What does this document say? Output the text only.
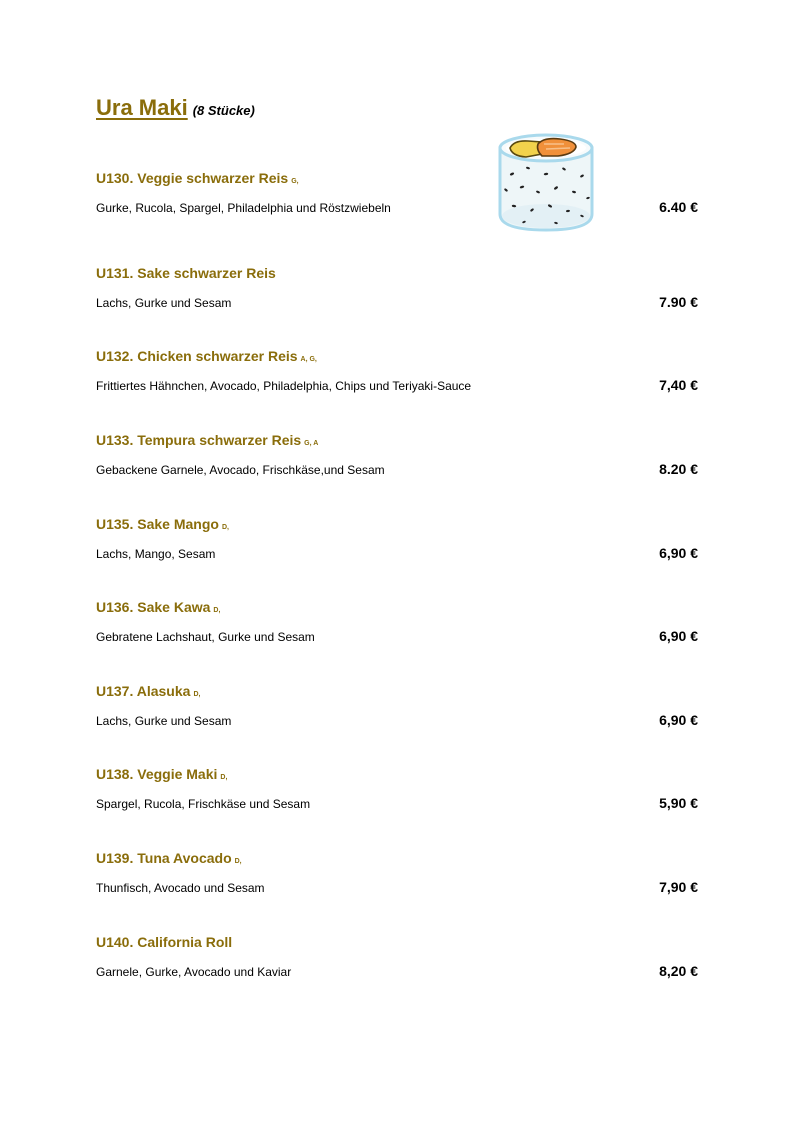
Ura Maki (8 Stücke)
U130. Veggie schwarzer Reis G,
Gurke, Rucola, Spargel, Philadelphia und Röstzwiebeln	6.40 €
U131. Sake schwarzer Reis
Lachs, Gurke und Sesam	7.90 €
U132. Chicken schwarzer Reis A, G,
Frittiertes Hähnchen, Avocado, Philadelphia, Chips und Teriyaki-Sauce	7,40 €
U133. Tempura schwarzer Reis G, A
Gebackene Garnele, Avocado, Frischkäse,und Sesam	8.20 €
U135. Sake Mango D,
Lachs, Mango, Sesam	6,90 €
U136. Sake Kawa D,
Gebratene Lachshaut, Gurke und Sesam	6,90 €
U137. Alasuka D,
Lachs, Gurke und Sesam	6,90 €
U138. Veggie Maki D,
Spargel, Rucola, Frischkäse und Sesam	5,90 €
U139. Tuna Avocado D,
Thunfisch, Avocado und Sesam	7,90 €
U140. California Roll
Garnele, Gurke, Avocado und Kaviar	8,20 €
